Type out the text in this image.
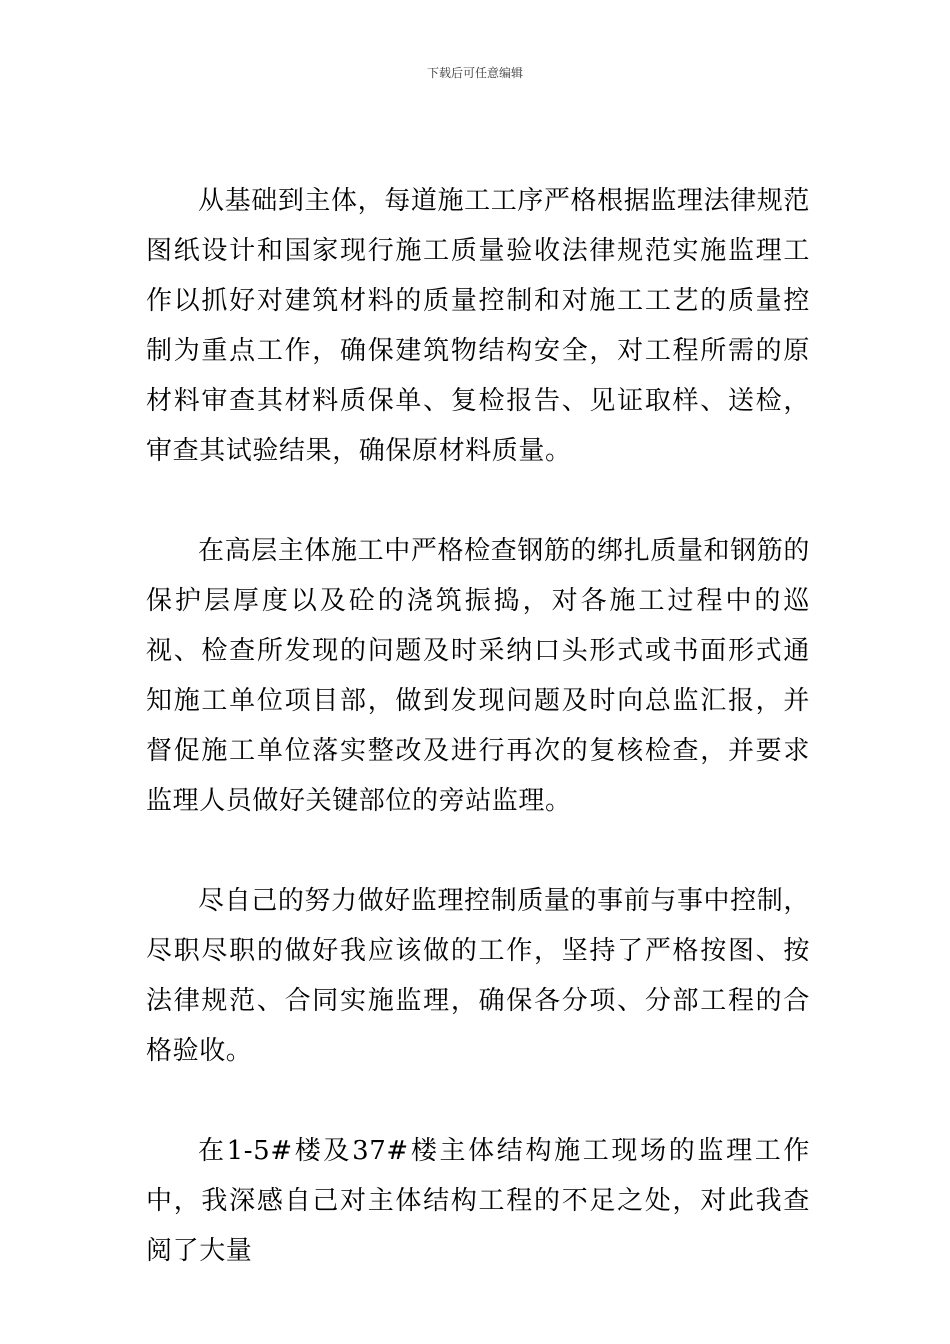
下载后可任意编辑

从基础到主体，每道施工工序严格根据监理法律规范图纸设计和国家现行施工质量验收法律规范实施监理工作以抓好对建筑材料的质量控制和对施工工艺的质量控制为重点工作，确保建筑物结构安全，对工程所需的原材料审查其材料质保单、复检报告、见证取样、送检，审查其试验结果，确保原材料质量。

在高层主体施工中严格检查钢筋的绑扎质量和钢筋的保护层厚度以及砼的浇筑振捣，对各施工过程中的巡视、检查所发现的问题及时采纳口头形式或书面形式通知施工单位项目部，做到发现问题及时向总监汇报，并督促施工单位落实整改及进行再次的复核检查，并要求监理人员做好关键部位的旁站监理。

尽自己的努力做好监理控制质量的事前与事中控制，尽职尽职的做好我应该做的工作，坚持了严格按图、按法律规范、合同实施监理，确保各分项、分部工程的合格验收。

在1-5#楼及37#楼主体结构施工现场的监理工作中，我深感自己对主体结构工程的不足之处，对此我查阅了大量
